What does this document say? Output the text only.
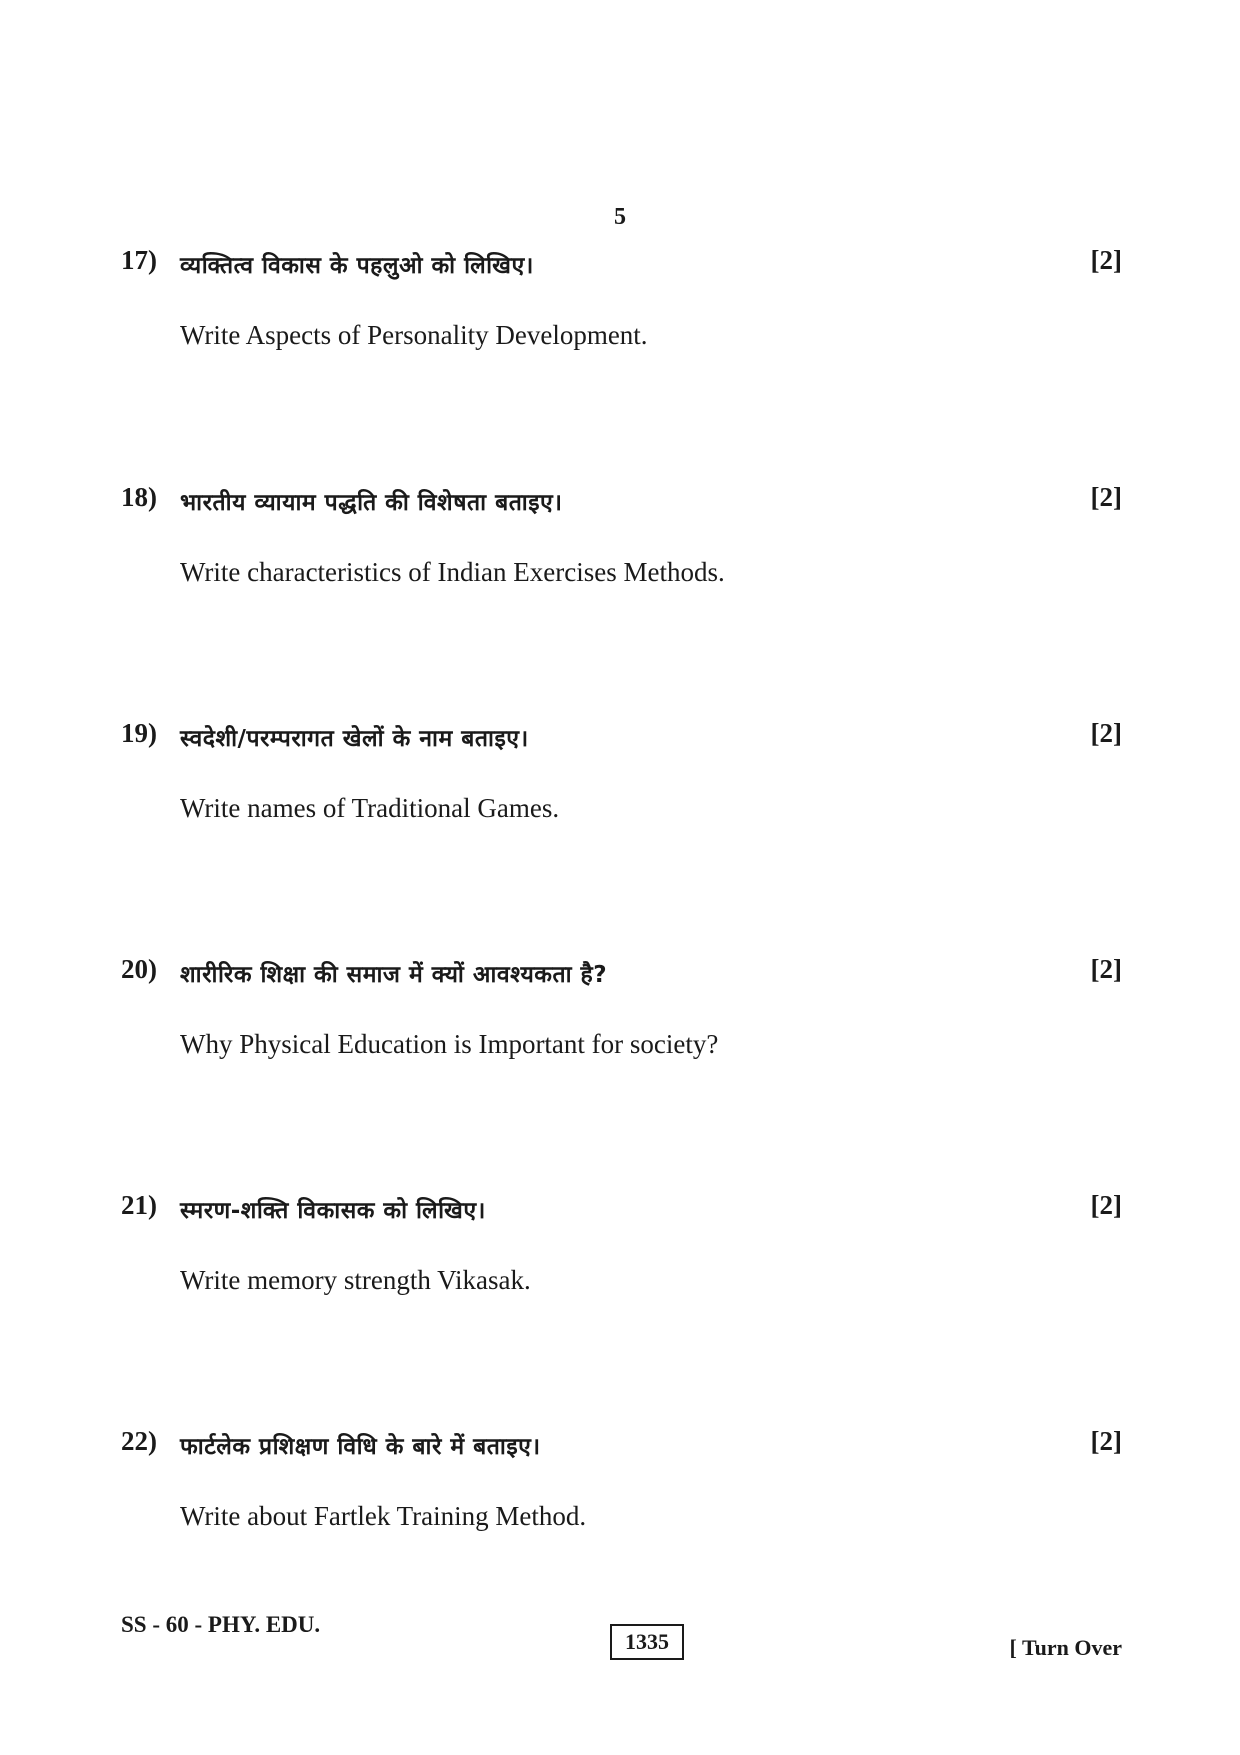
5
17) व्यक्तित्व विकास के पहलुओ को लिखिए।	[2]
Write Aspects of Personality Development.
18) भारतीय व्यायाम पद्धति की विशेषता बताइए।	[2]
Write characteristics of Indian Exercises Methods.
19) स्वदेशी/परम्परागत खेलों के नाम बताइए।	[2]
Write names of Traditional Games.
20) शारीरिक शिक्षा की समाज में क्यों आवश्यकता है?	[2]
Why Physical Education is Important for society?
21) स्मरण-शक्ति विकासक को लिखिए।	[2]
Write memory strength Vikasak.
22) फार्टलेक प्रशिक्षण विधि के बारे में बताइए।	[2]
Write about Fartlek Training Method.
SS - 60 - PHY. EDU.
1335	[ Turn Over
